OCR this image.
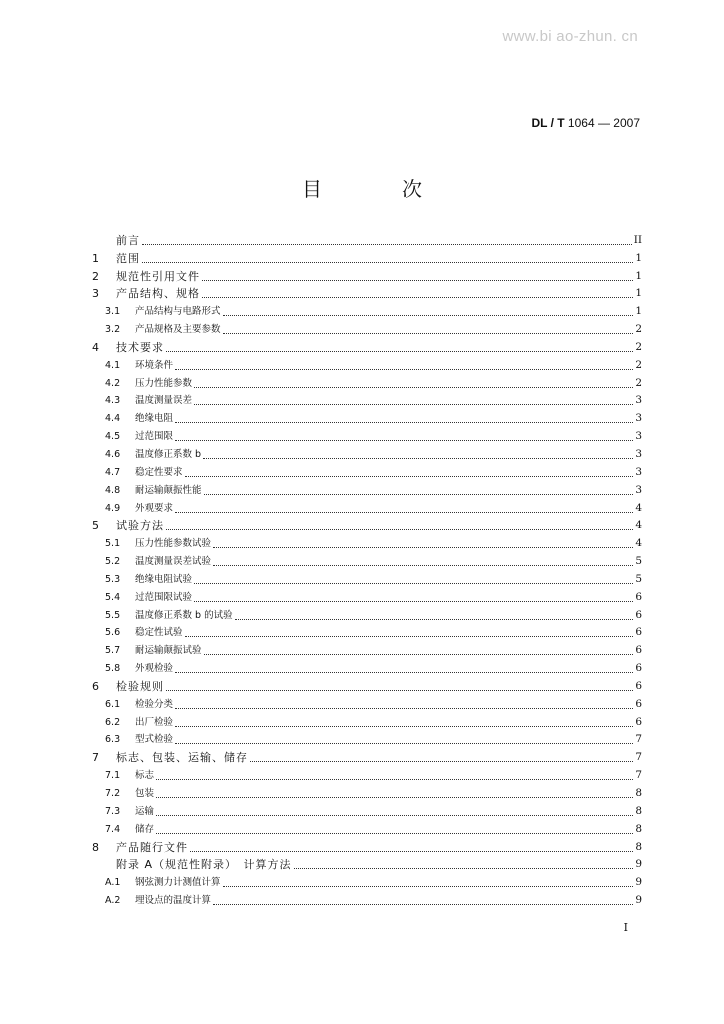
www.bi ao-zhun. cn
DL / T 1064 — 2007
目　次
前言	II
1	范围	1
2	规范性引用文件	1
3	产品结构、规格	1
3.1	产品结构与电路形式	1
3.2	产品规格及主要参数	2
4	技术要求	2
4.1	环境条件	2
4.2	压力性能参数	2
4.3	温度测量误差	3
4.4	绝缘电阻	3
4.5	过范围限	3
4.6	温度修正系数 b	3
4.7	稳定性要求	3
4.8	耐运输颠振性能	3
4.9	外观要求	4
5	试验方法	4
5.1	压力性能参数试验	4
5.2	温度测量误差试验	5
5.3	绝缘电阻试验	5
5.4	过范围限试验	6
5.5	温度修正系数 b 的试验	6
5.6	稳定性试验	6
5.7	耐运输颠振试验	6
5.8	外观检验	6
6	检验规则	6
6.1	检验分类	6
6.2	出厂检验	6
6.3	型式检验	7
7	标志、包装、运输、储存	7
7.1	标志	7
7.2	包装	8
7.3	运输	8
7.4	储存	8
8	产品随行文件	8
附录 A（规范性附录）　计算方法	9
A.1	钢弦测力计测值计算	9
A.2	埋设点的温度计算	9
I
